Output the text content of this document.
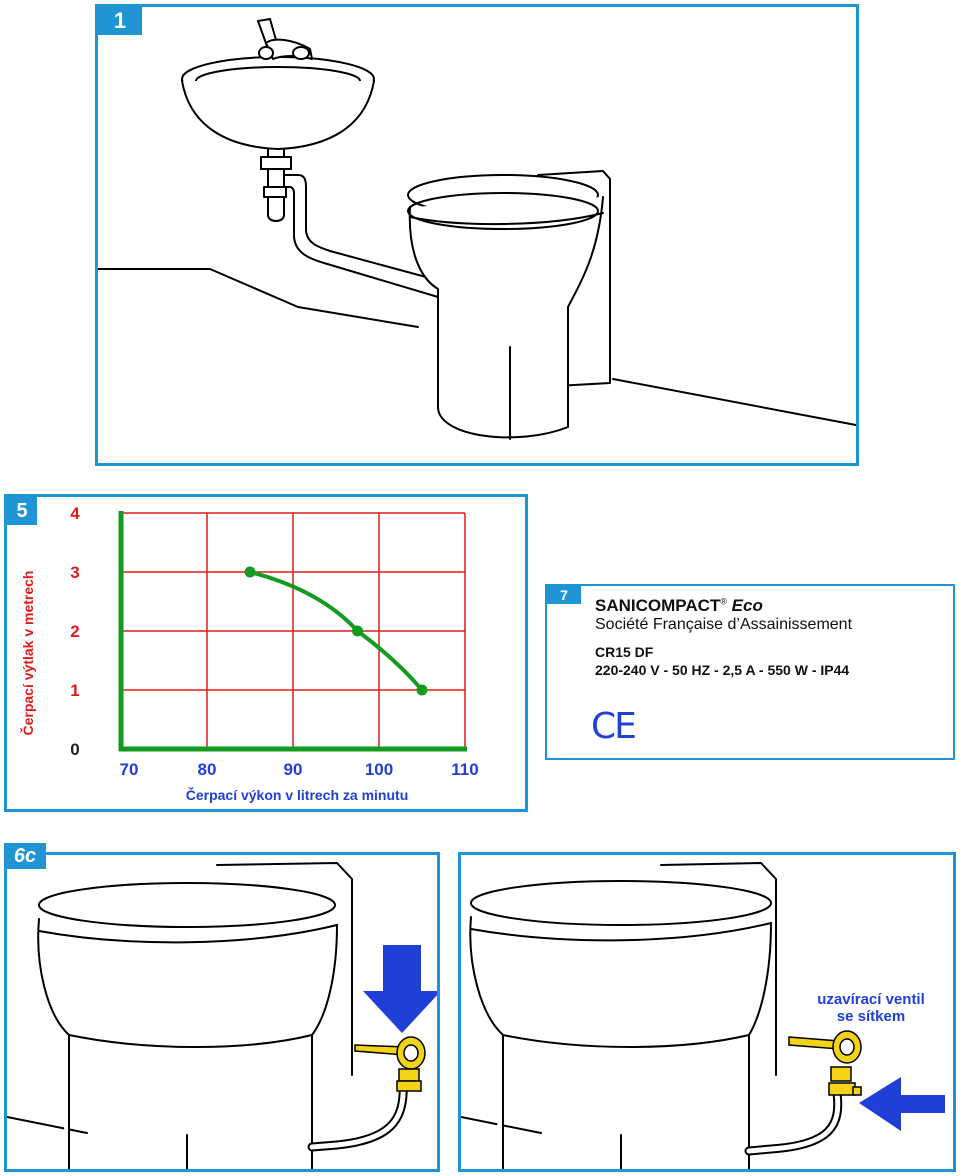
1
5
70	80	90	100	110
0
1
2
3
4
Čerpací výtlak v metrech
Čerpací výkon v litrech za minutu
7
SANICOMPACT® Eco
Société Française d’Assainissement
CR15 DF
220-240 V - 50 HZ - 2,5 A - 550 W - IP44
CE
6c
uzavírací ventil
se sítkem
